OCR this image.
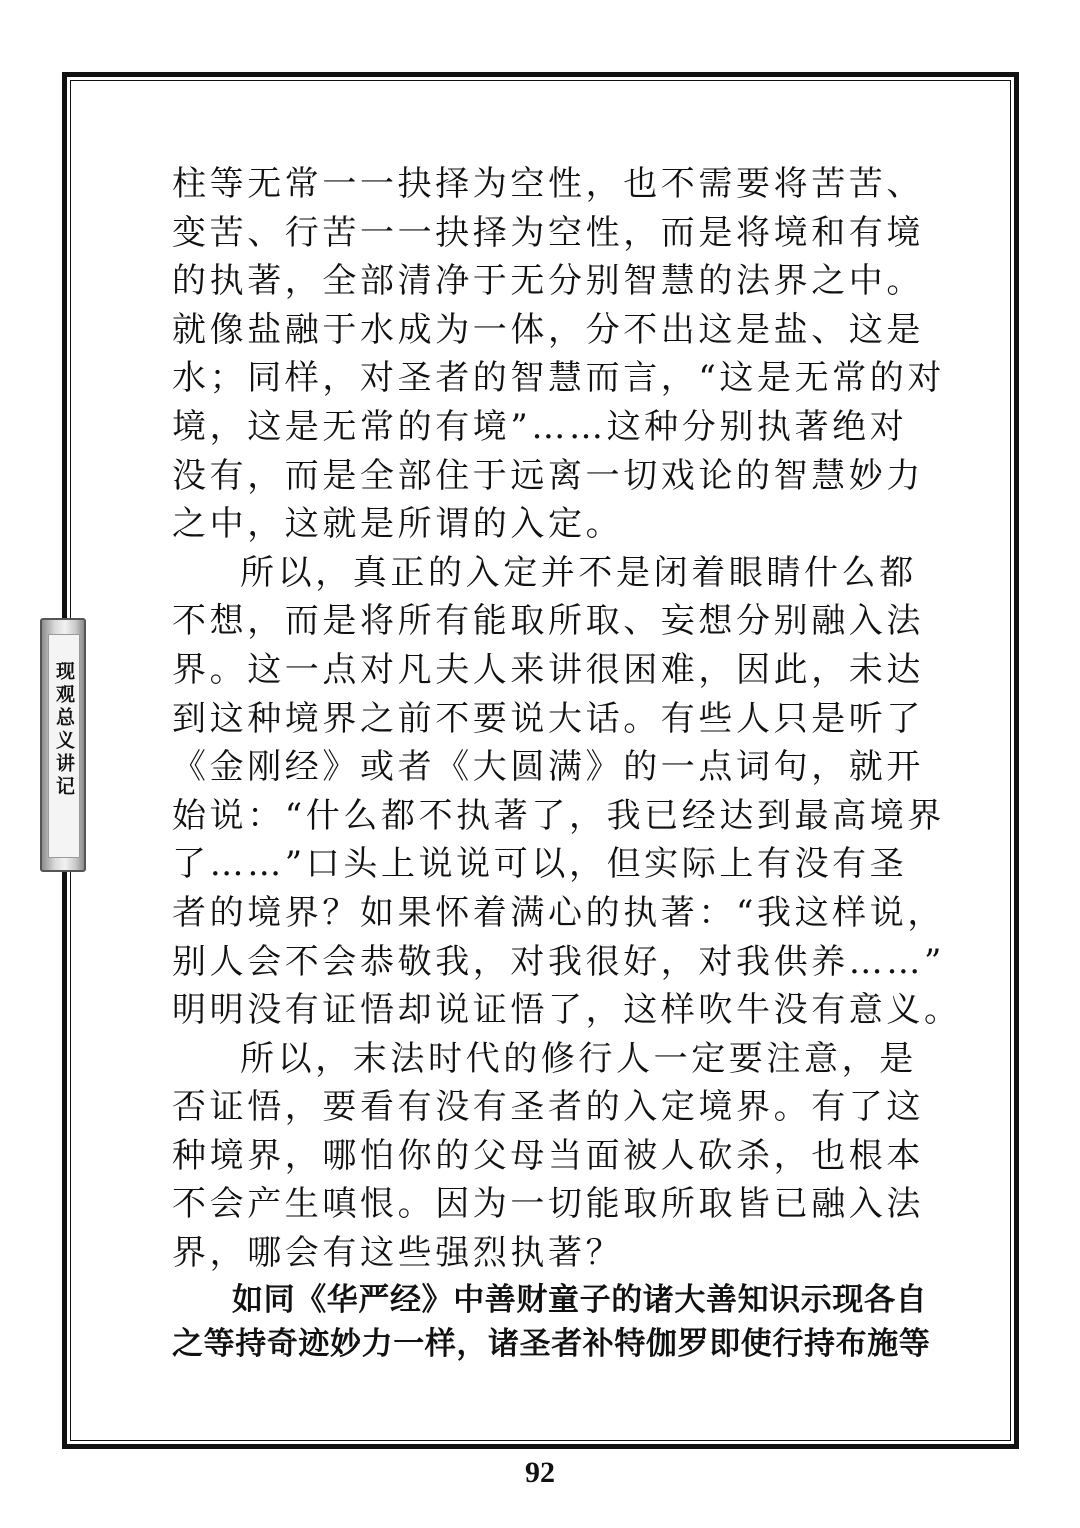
现观总义讲记
柱等无常一一抉择为空性，也不需要将苦苦、
变苦、行苦一一抉择为空性，而是将境和有境
的执著，全部清净于无分别智慧的法界之中。
就像盐融于水成为一体，分不出这是盐、这是
水；同样，对圣者的智慧而言，“这是无常的对
境，这是无常的有境”……这种分别执著绝对
没有，而是全部住于远离一切戏论的智慧妙力
之中，这就是所谓的入定。
所以，真正的入定并不是闭着眼睛什么都
不想，而是将所有能取所取、妄想分别融入法
界。这一点对凡夫人来讲很困难，因此，未达
到这种境界之前不要说大话。有些人只是听了
《金刚经》或者《大圆满》的一点词句，就开
始说：“什么都不执著了，我已经达到最高境界
了……”口头上说说可以，但实际上有没有圣
者的境界？如果怀着满心的执著：“我这样说，
别人会不会恭敬我，对我很好，对我供养……”
明明没有证悟却说证悟了，这样吹牛没有意义。
所以，末法时代的修行人一定要注意，是
否证悟，要看有没有圣者的入定境界。有了这
种境界，哪怕你的父母当面被人砍杀，也根本
不会产生嗔恨。因为一切能取所取皆已融入法
界，哪会有这些强烈执著？
如同《华严经》中善财童子的诸大善知识示现各自
之等持奇迹妙力一样，诸圣者补特伽罗即使行持布施等
92
